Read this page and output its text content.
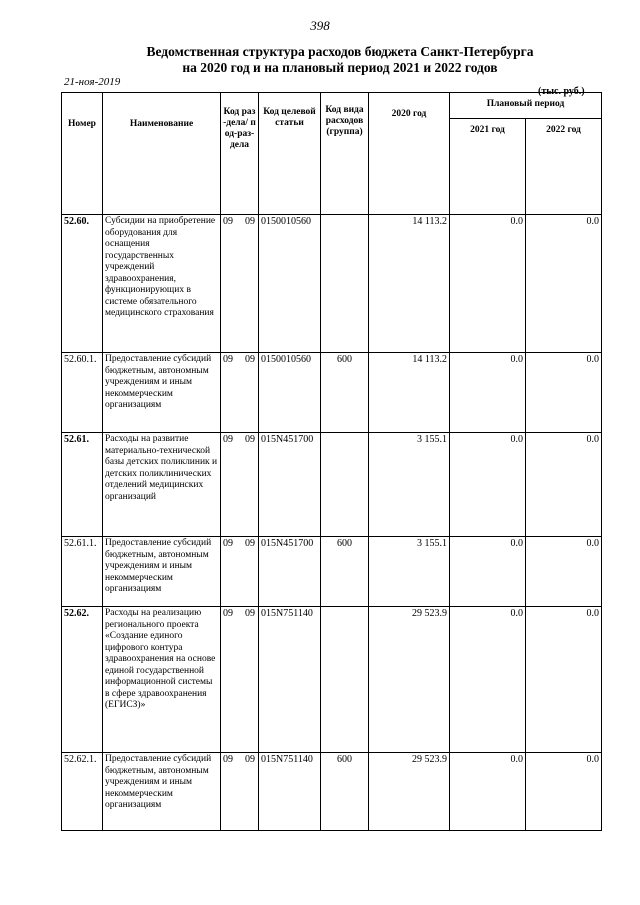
398
Ведомственная структура расходов бюджета Санкт-Петербурга
на 2020 год и на плановый период 2021 и 2022 годов
21-ноя-2019
(тыс. руб.)
Номер	Наименование	Код раз-дела/ под-раз-дела	Код целевой статьи	Код вида расходов (группа)	2020 год	Плановый период	
						2021 год	2022 год
52.60.	Субсидии на приобретение оборудования для оснащения государственных учреждений здравоохранения, функционирующих в системе обязательного медицинского страхования	09 09	0150010560		14 113.2	0.0	0.0
52.60.1.	Предоставление субсидий бюджетным, автономным учреждениям и иным некоммерческим организациям	09 09	0150010560	600	14 113.2	0.0	0.0
52.61.	Расходы на развитие материально-технической базы детских поликлиник и детских поликлинических отделений медицинских организаций	09 09	015N451700		3 155.1	0.0	0.0
52.61.1.	Предоставление субсидий бюджетным, автономным учреждениям и иным некоммерческим организациям	09 09	015N451700	600	3 155.1	0.0	0.0
52.62.	Расходы на реализацию регионального проекта «Создание единого цифрового контура здравоохранения на основе единой государственной информационной системы в сфере здравоохранения (ЕГИСЗ)»	09 09	015N751140		29 523.9	0.0	0.0
52.62.1.	Предоставление субсидий бюджетным, автономным учреждениям и иным некоммерческим организациям	09 09	015N751140	600	29 523.9	0.0	0.0
